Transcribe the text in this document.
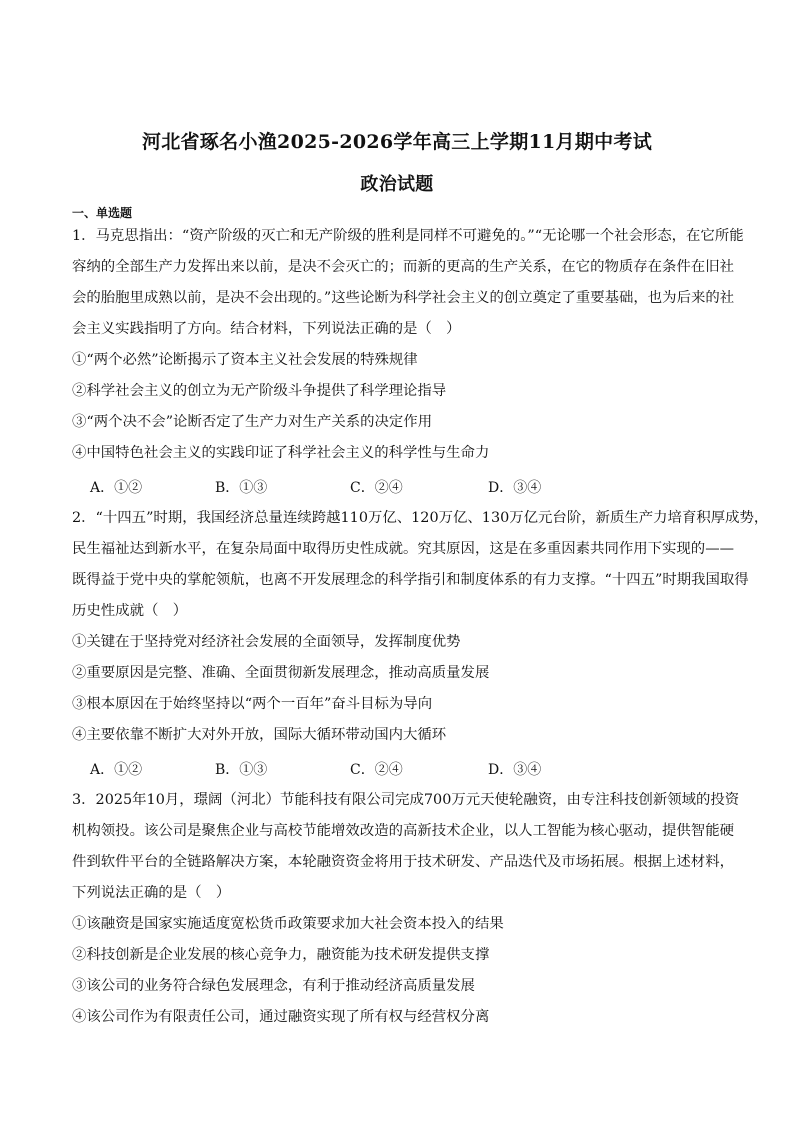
河北省琢名小渔2025-2026学年高三上学期11月期中考试
政治试题
一、单选题
1．马克思指出：“资产阶级的灭亡和无产阶级的胜利是同样不可避免的。”“无论哪一个社会形态，在它所能
容纳的全部生产力发挥出来以前，是决不会灭亡的；而新的更高的生产关系，在它的物质存在条件在旧社
会的胎胞里成熟以前，是决不会出现的。”这些论断为科学社会主义的创立奠定了重要基础，也为后来的社
会主义实践指明了方向。结合材料，下列说法正确的是（　）
①“两个必然”论断揭示了资本主义社会发展的特殊规律
②科学社会主义的创立为无产阶级斗争提供了科学理论指导
③“两个决不会”论断否定了生产力对生产关系的决定作用
④中国特色社会主义的实践印证了科学社会主义的科学性与生命力
A．①②	B．①③	C．②④	D．③④
2．“十四五”时期，我国经济总量连续跨越110万亿、120万亿、130万亿元台阶，新质生产力培育积厚成势，
民生福祉达到新水平，在复杂局面中取得历史性成就。究其原因，这是在多重因素共同作用下实现的——
既得益于党中央的掌舵领航，也离不开发展理念的科学指引和制度体系的有力支撑。“十四五”时期我国取得
历史性成就（　）
①关键在于坚持党对经济社会发展的全面领导，发挥制度优势
②重要原因是完整、准确、全面贯彻新发展理念，推动高质量发展
③根本原因在于始终坚持以“两个一百年”奋斗目标为导向
④主要依靠不断扩大对外开放，国际大循环带动国内大循环
A．①②	B．①③	C．②④	D．③④
3．2025年10月，璟阔（河北）节能科技有限公司完成700万元天使轮融资，由专注科技创新领域的投资
机构领投。该公司是聚焦企业与高校节能增效改造的高新技术企业，以人工智能为核心驱动，提供智能硬
件到软件平台的全链路解决方案，本轮融资资金将用于技术研发、产品迭代及市场拓展。根据上述材料，
下列说法正确的是（　）
①该融资是国家实施适度宽松货币政策要求加大社会资本投入的结果
②科技创新是企业发展的核心竞争力，融资能为技术研发提供支撑
③该公司的业务符合绿色发展理念，有利于推动经济高质量发展
④该公司作为有限责任公司，通过融资实现了所有权与经营权分离
